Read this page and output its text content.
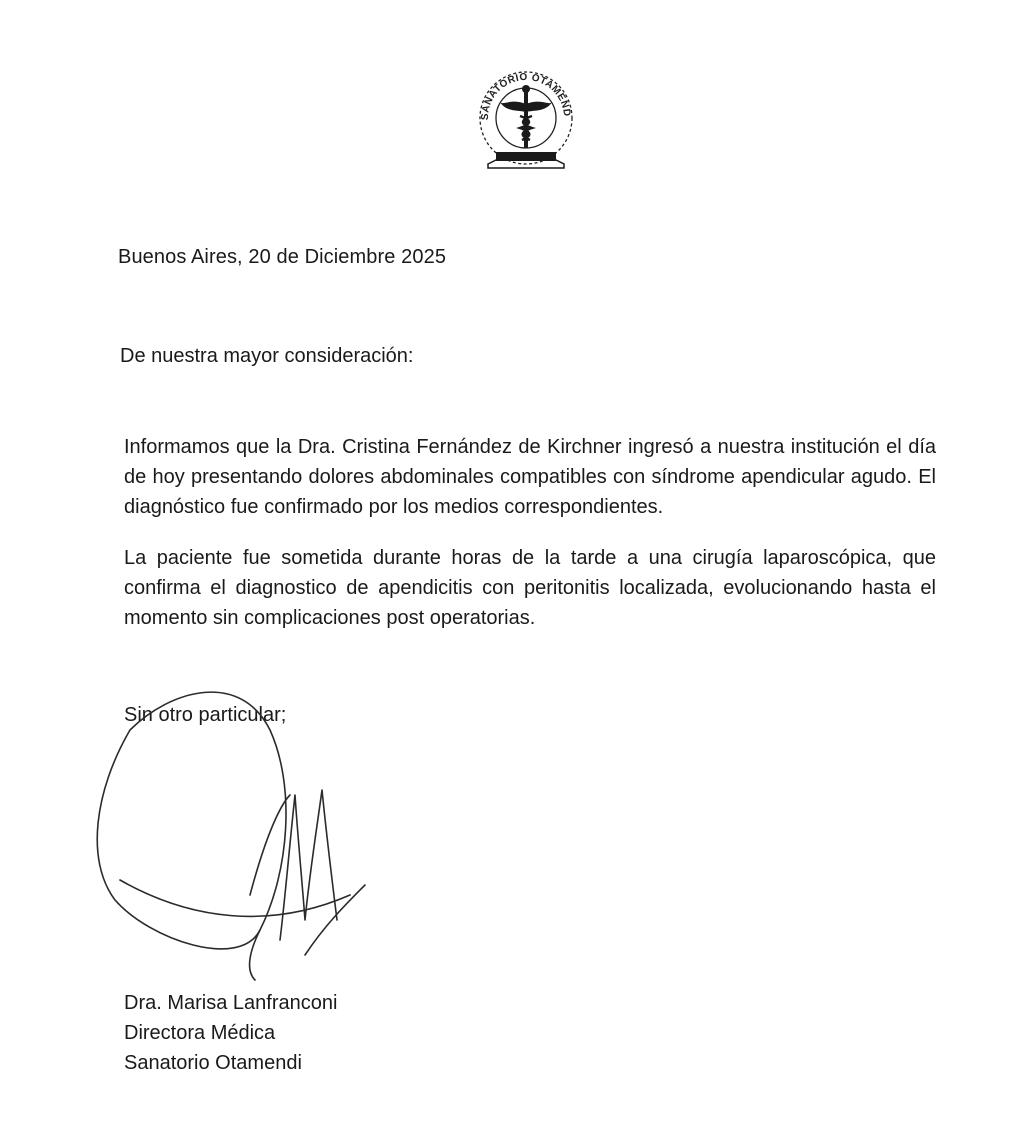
SANATORIO OTAMEND
Buenos Aires, 20 de Diciembre 2025
De nuestra mayor consideración:
Informamos que la Dra. Cristina Fernández de Kirchner ingresó a nuestra institución el día de hoy presentando dolores abdominales compatibles con síndrome apendicular agudo. El diagnóstico fue confirmado por los medios correspondientes.
La paciente fue sometida durante horas de la tarde a una cirugía laparoscópica, que confirma el diagnostico de apendicitis con peritonitis localizada, evolucionando hasta el momento sin complicaciones post operatorias.
Sin otro particular;
Dra. Marisa Lanfranconi
Directora Médica
Sanatorio Otamendi
